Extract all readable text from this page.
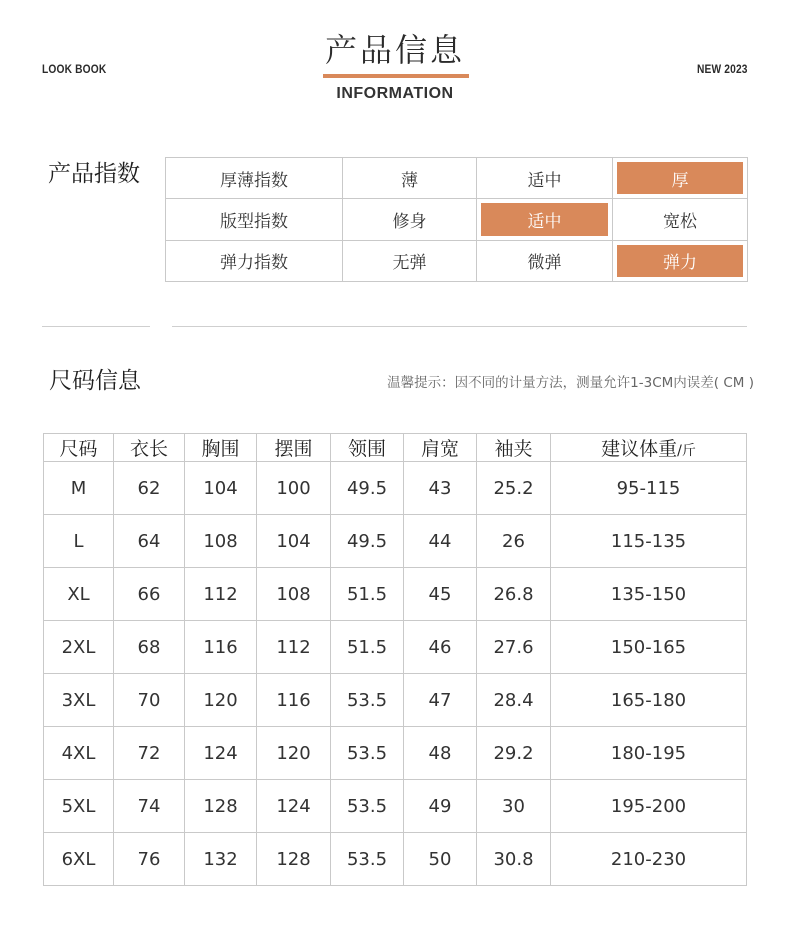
LOOK BOOK	NEW 2023
产品信息
INFORMATION
产品指数	厚薄指数	薄	适中	厚
版型指数	修身	适中	宽松
弹力指数	无弹	微弹	弹力
尺码信息	温馨提示：因不同的计量方法，测量允许1-3CM内误差( CM )
尺码	衣长	胸围	摆围	领围	肩宽	袖夹	建议体重/斤
M	62	104	100	49.5	43	25.2	95-115
L	64	108	104	49.5	44	26	115-135
XL	66	112	108	51.5	45	26.8	135-150
2XL	68	116	112	51.5	46	27.6	150-165
3XL	70	120	116	53.5	47	28.4	165-180
4XL	72	124	120	53.5	48	29.2	180-195
5XL	74	128	124	53.5	49	30	195-200
6XL	76	132	128	53.5	50	30.8	210-230
